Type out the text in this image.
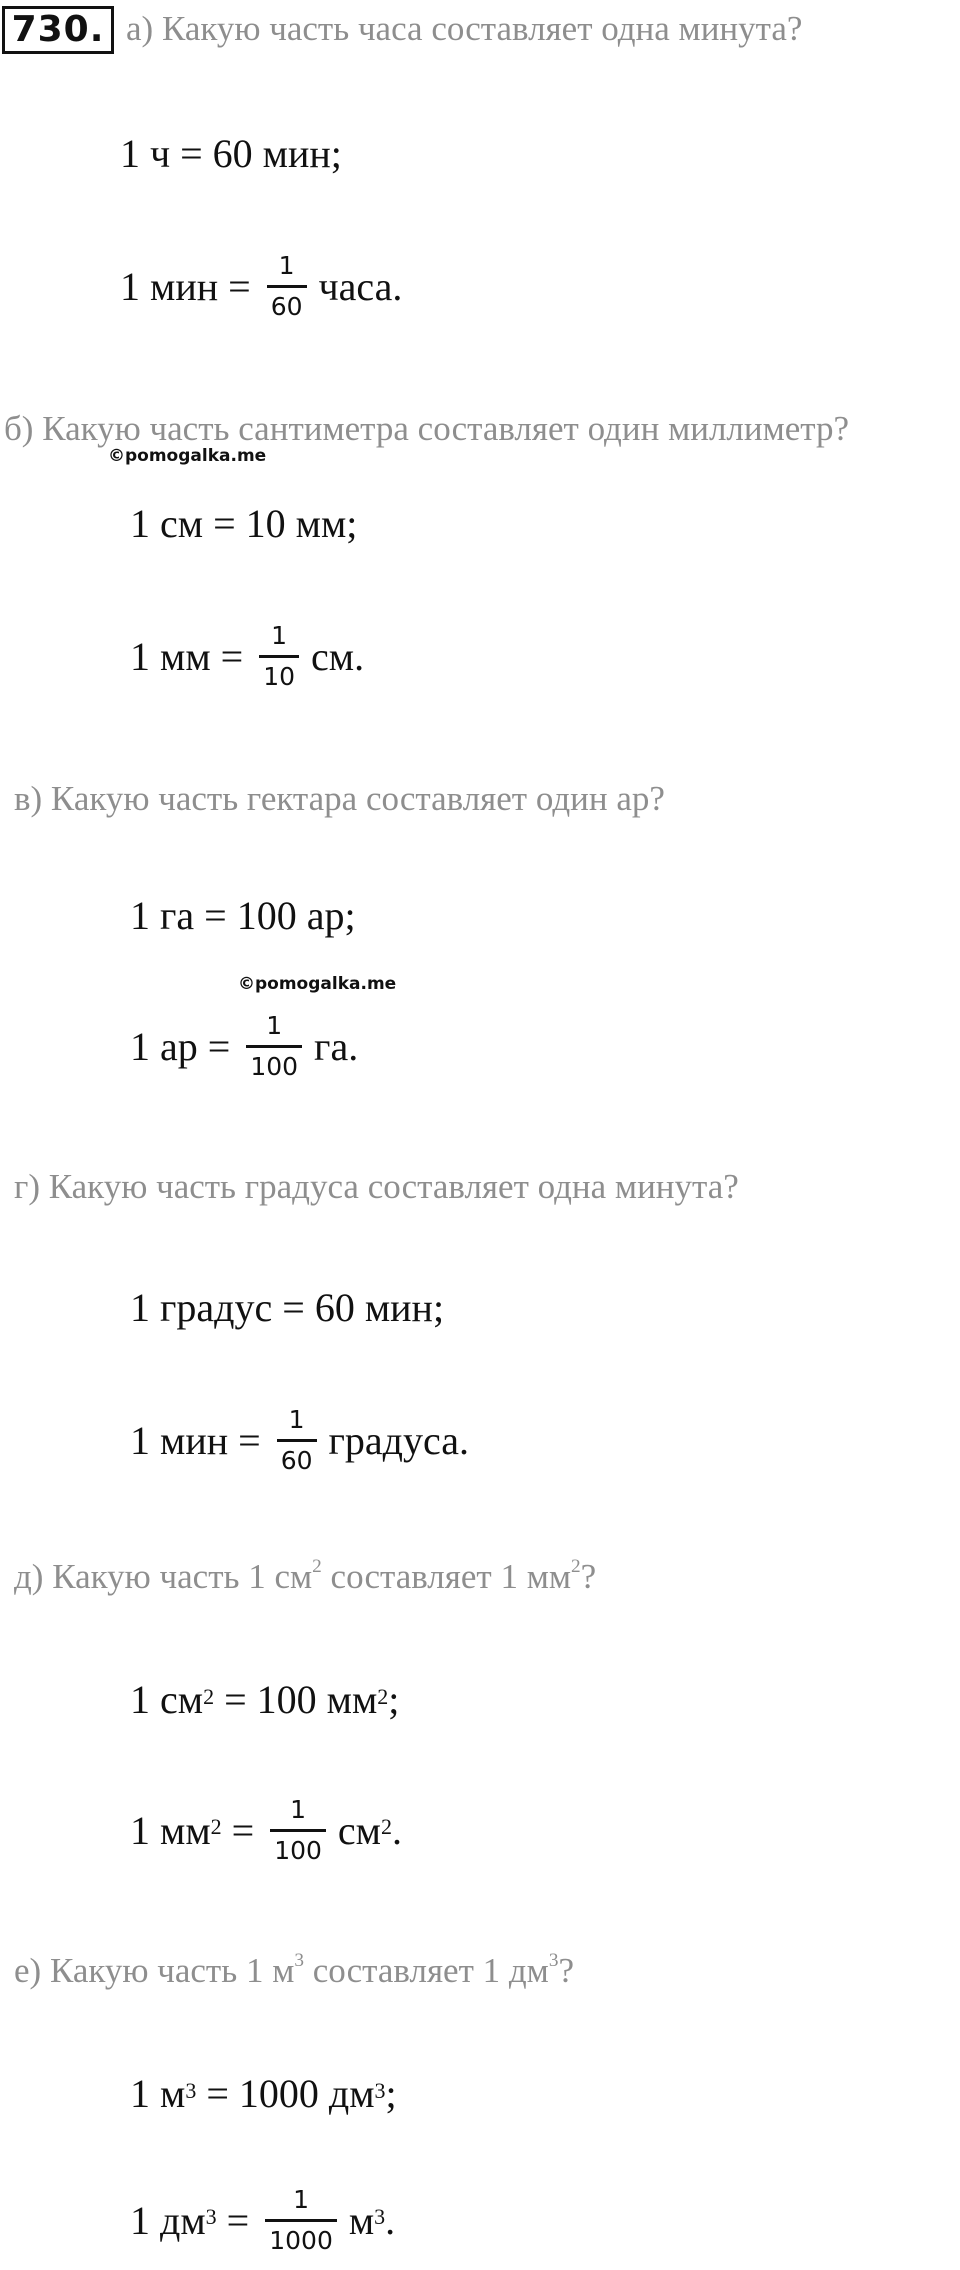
730. а) Какую часть часа составляет одна минута?
1 ч = 60 мин;
1 мин = $\frac{1}{60}$ часа.
б) Какую часть сантиметра составляет один миллиметр?
©pomogalka.me
1 см = 10 мм;
1 мм = $\frac{1}{10}$ см.
в) Какую часть гектара составляет один ар?
1 га = 100 ар;
©pomogalka.me
1 ар = $\frac{1}{100}$ га.
г) Какую часть градуса составляет одна минута?
1 градус = 60 мин;
1 мин = $\frac{1}{60}$ градуса.
д) Какую часть 1 $см^2$ составляет 1 $мм^2$?
1 $см^2 = 100$ $мм^2$ ;
1 $мм^2 = \frac{1}{100} см^2$ .
е) Какую часть 1 $м^3$ составляет 1 $дм^3$?
1 $м^3 = 1000$ $дм^3$ ;
1 $дм^3 = \frac{1}{1000} м^3$ .
